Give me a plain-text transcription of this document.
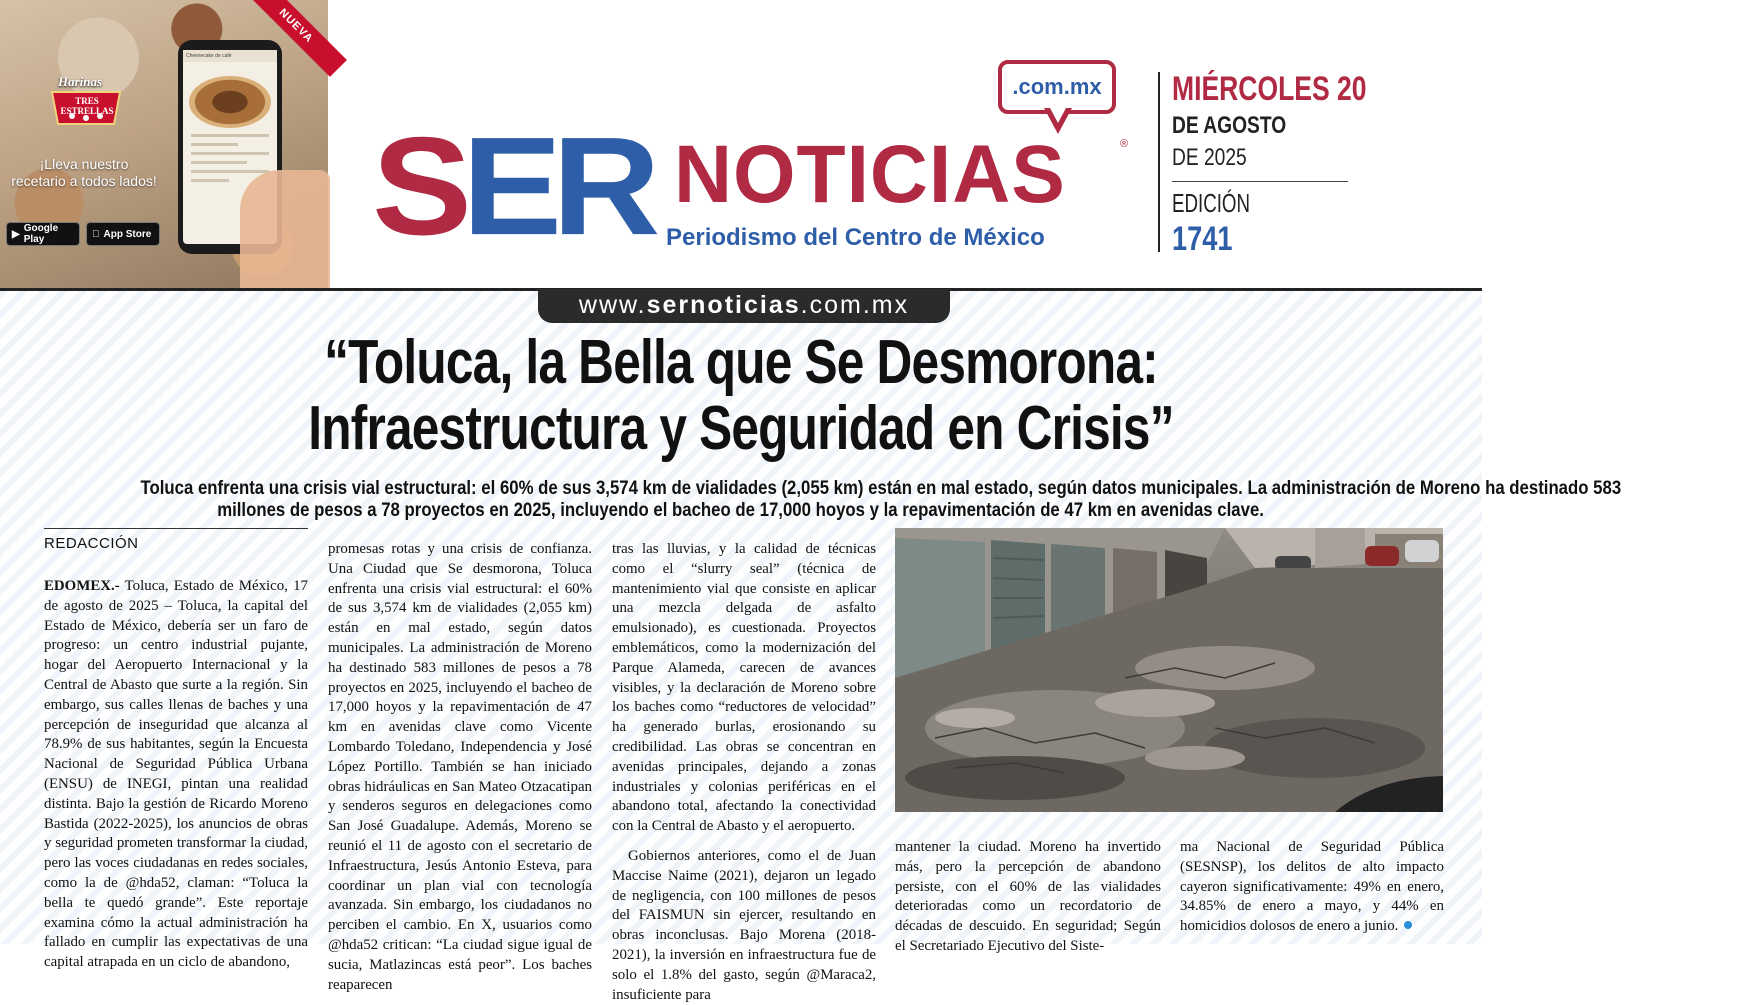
NUEVA
Harinas
TRES ESTRELLAS
¡Lleva nuestro
recetario a todos lados!
▶ Google Play	App Store
Cheesecake de café
SER NOTICIAS	®
.com.mx
Periodismo del Centro de México
MIÉRCOLES 20
DE AGOSTO
DE 2025
EDICIÓN
1741
www.sernoticias.com.mx
“Toluca, la Bella que Se Desmorona:
Infraestructura y Seguridad en Crisis”
Toluca enfrenta una crisis vial estructural: el 60% de sus 3,574 km de vialidades (2,055 km) están en mal estado, según datos municipales. La administración de Moreno ha destinado 583
millones de pesos a 78 proyectos en 2025, incluyendo el bacheo de 17,000 hoyos y la repavimentación de 47 km en avenidas clave.
REDACCIÓN

EDOMEX.- Toluca, Estado de México, 17 de agosto de 2025 – Toluca, la capital del Estado de México, debería ser un faro de progreso: un centro industrial pujante, hogar del Aeropuerto Internacional y la Central de Abasto que surte a la región. Sin embargo, sus calles llenas de baches y una percepción de inseguridad que alcanza al 78.9% de sus habitantes, según la Encuesta Nacional de Seguridad Pública Urbana (ENSU) de INEGI, pintan una realidad distinta. Bajo la gestión de Ricardo Moreno Bastida (2022-2025), los anuncios de obras y seguridad prometen transformar la ciudad, pero las voces ciudadanas en redes sociales, como la de @hda52, claman: “Toluca la bella te quedó grande”. Este reportaje examina cómo la actual administración ha fallado en cumplir las expectativas de una capital atrapada en un ciclo de abandono,

promesas rotas y una crisis de confianza. Una Ciudad que Se desmorona, Toluca enfrenta una crisis vial estructural: el 60% de sus 3,574 km de vialidades (2,055 km) están en mal estado, según datos municipales. La administración de Moreno ha destinado 583 millones de pesos a 78 proyectos en 2025, incluyendo el bacheo de 17,000 hoyos y la repavimentación de 47 km en avenidas clave como Vicente Lombardo Toledano, Independencia y José López Portillo. También se han iniciado obras hidráulicas en San Mateo Otzacatipan y senderos seguros en delegaciones como San José Guadalupe. Además, Moreno se reunió el 11 de agosto con el secretario de Infraestructura, Jesús Antonio Esteva, para coordinar un plan vial con tecnología avanzada. Sin embargo, los ciudadanos no perciben el cambio. En X, usuarios como @hda52 critican: “La ciudad sigue igual de sucia, Matlazincas está peor”. Los baches reaparecen

tras las lluvias, y la calidad de técnicas como el “slurry seal” (técnica de mantenimiento vial que consiste en aplicar una mezcla delgada de asfalto emulsionado), es cuestionada. Proyectos emblemáticos, como la modernización del Parque Alameda, carecen de avances visibles, y la declaración de Moreno sobre los baches como “reductores de velocidad” ha generado burlas, erosionando su credibilidad. Las obras se concentran en avenidas principales, dejando a zonas industriales y colonias periféricas en el abandono total, afectando la conectividad con la Central de Abasto y el aeropuerto.

Gobiernos anteriores, como el de Juan Maccise Naime (2021), dejaron un legado de negligencia, con 100 millones de pesos del FAISMUN sin ejercer, resultando en obras inconclusas. Bajo Morena (2018-2021), la inversión en infraestructura fue de solo el 1.8% del gasto, según @Maraca2, insuficiente para

mantener la ciudad. Moreno ha invertido más, pero la percepción de abandono persiste, con el 60% de las vialidades deterioradas como un recordatorio de décadas de descuido. En seguridad; Según el Secretariado Ejecutivo del Siste-

ma Nacional de Seguridad Pública (SESNSP), los delitos de alto impacto cayeron significativamente: 49% en enero, 34.85% de enero a mayo, y 44% en homicidios dolosos de enero a junio.
